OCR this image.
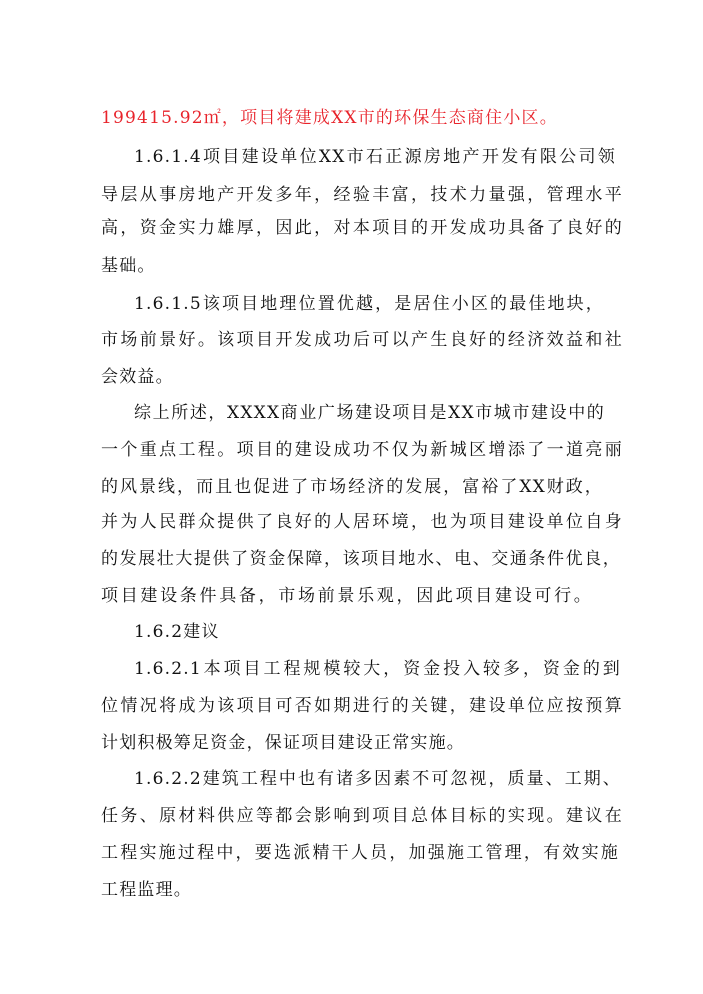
199415.92㎡，项目将建成XX市的环保生态商住小区。
1.6.1.4项目建设单位XX市石正源房地产开发有限公司领
导层从事房地产开发多年，经验丰富，技术力量强，管理水平
高，资金实力雄厚，因此，对本项目的开发成功具备了良好的
基础。
1.6.1.5该项目地理位置优越，是居住小区的最佳地块，
市场前景好。该项目开发成功后可以产生良好的经济效益和社
会效益。
综上所述，XXXX商业广场建设项目是XX市城市建设中的
一个重点工程。项目的建设成功不仅为新城区增添了一道亮丽
的风景线，而且也促进了市场经济的发展，富裕了XX财政，
并为人民群众提供了良好的人居环境，也为项目建设单位自身
的发展壮大提供了资金保障，该项目地水、电、交通条件优良，
项目建设条件具备，市场前景乐观，因此项目建设可行。
1.6.2建议
1.6.2.1本项目工程规模较大，资金投入较多，资金的到
位情况将成为该项目可否如期进行的关键，建设单位应按预算
计划积极筹足资金，保证项目建设正常实施。
1.6.2.2建筑工程中也有诸多因素不可忽视，质量、工期、
任务、原材料供应等都会影响到项目总体目标的实现。建议在
工程实施过程中，要选派精干人员，加强施工管理，有效实施
工程监理。
